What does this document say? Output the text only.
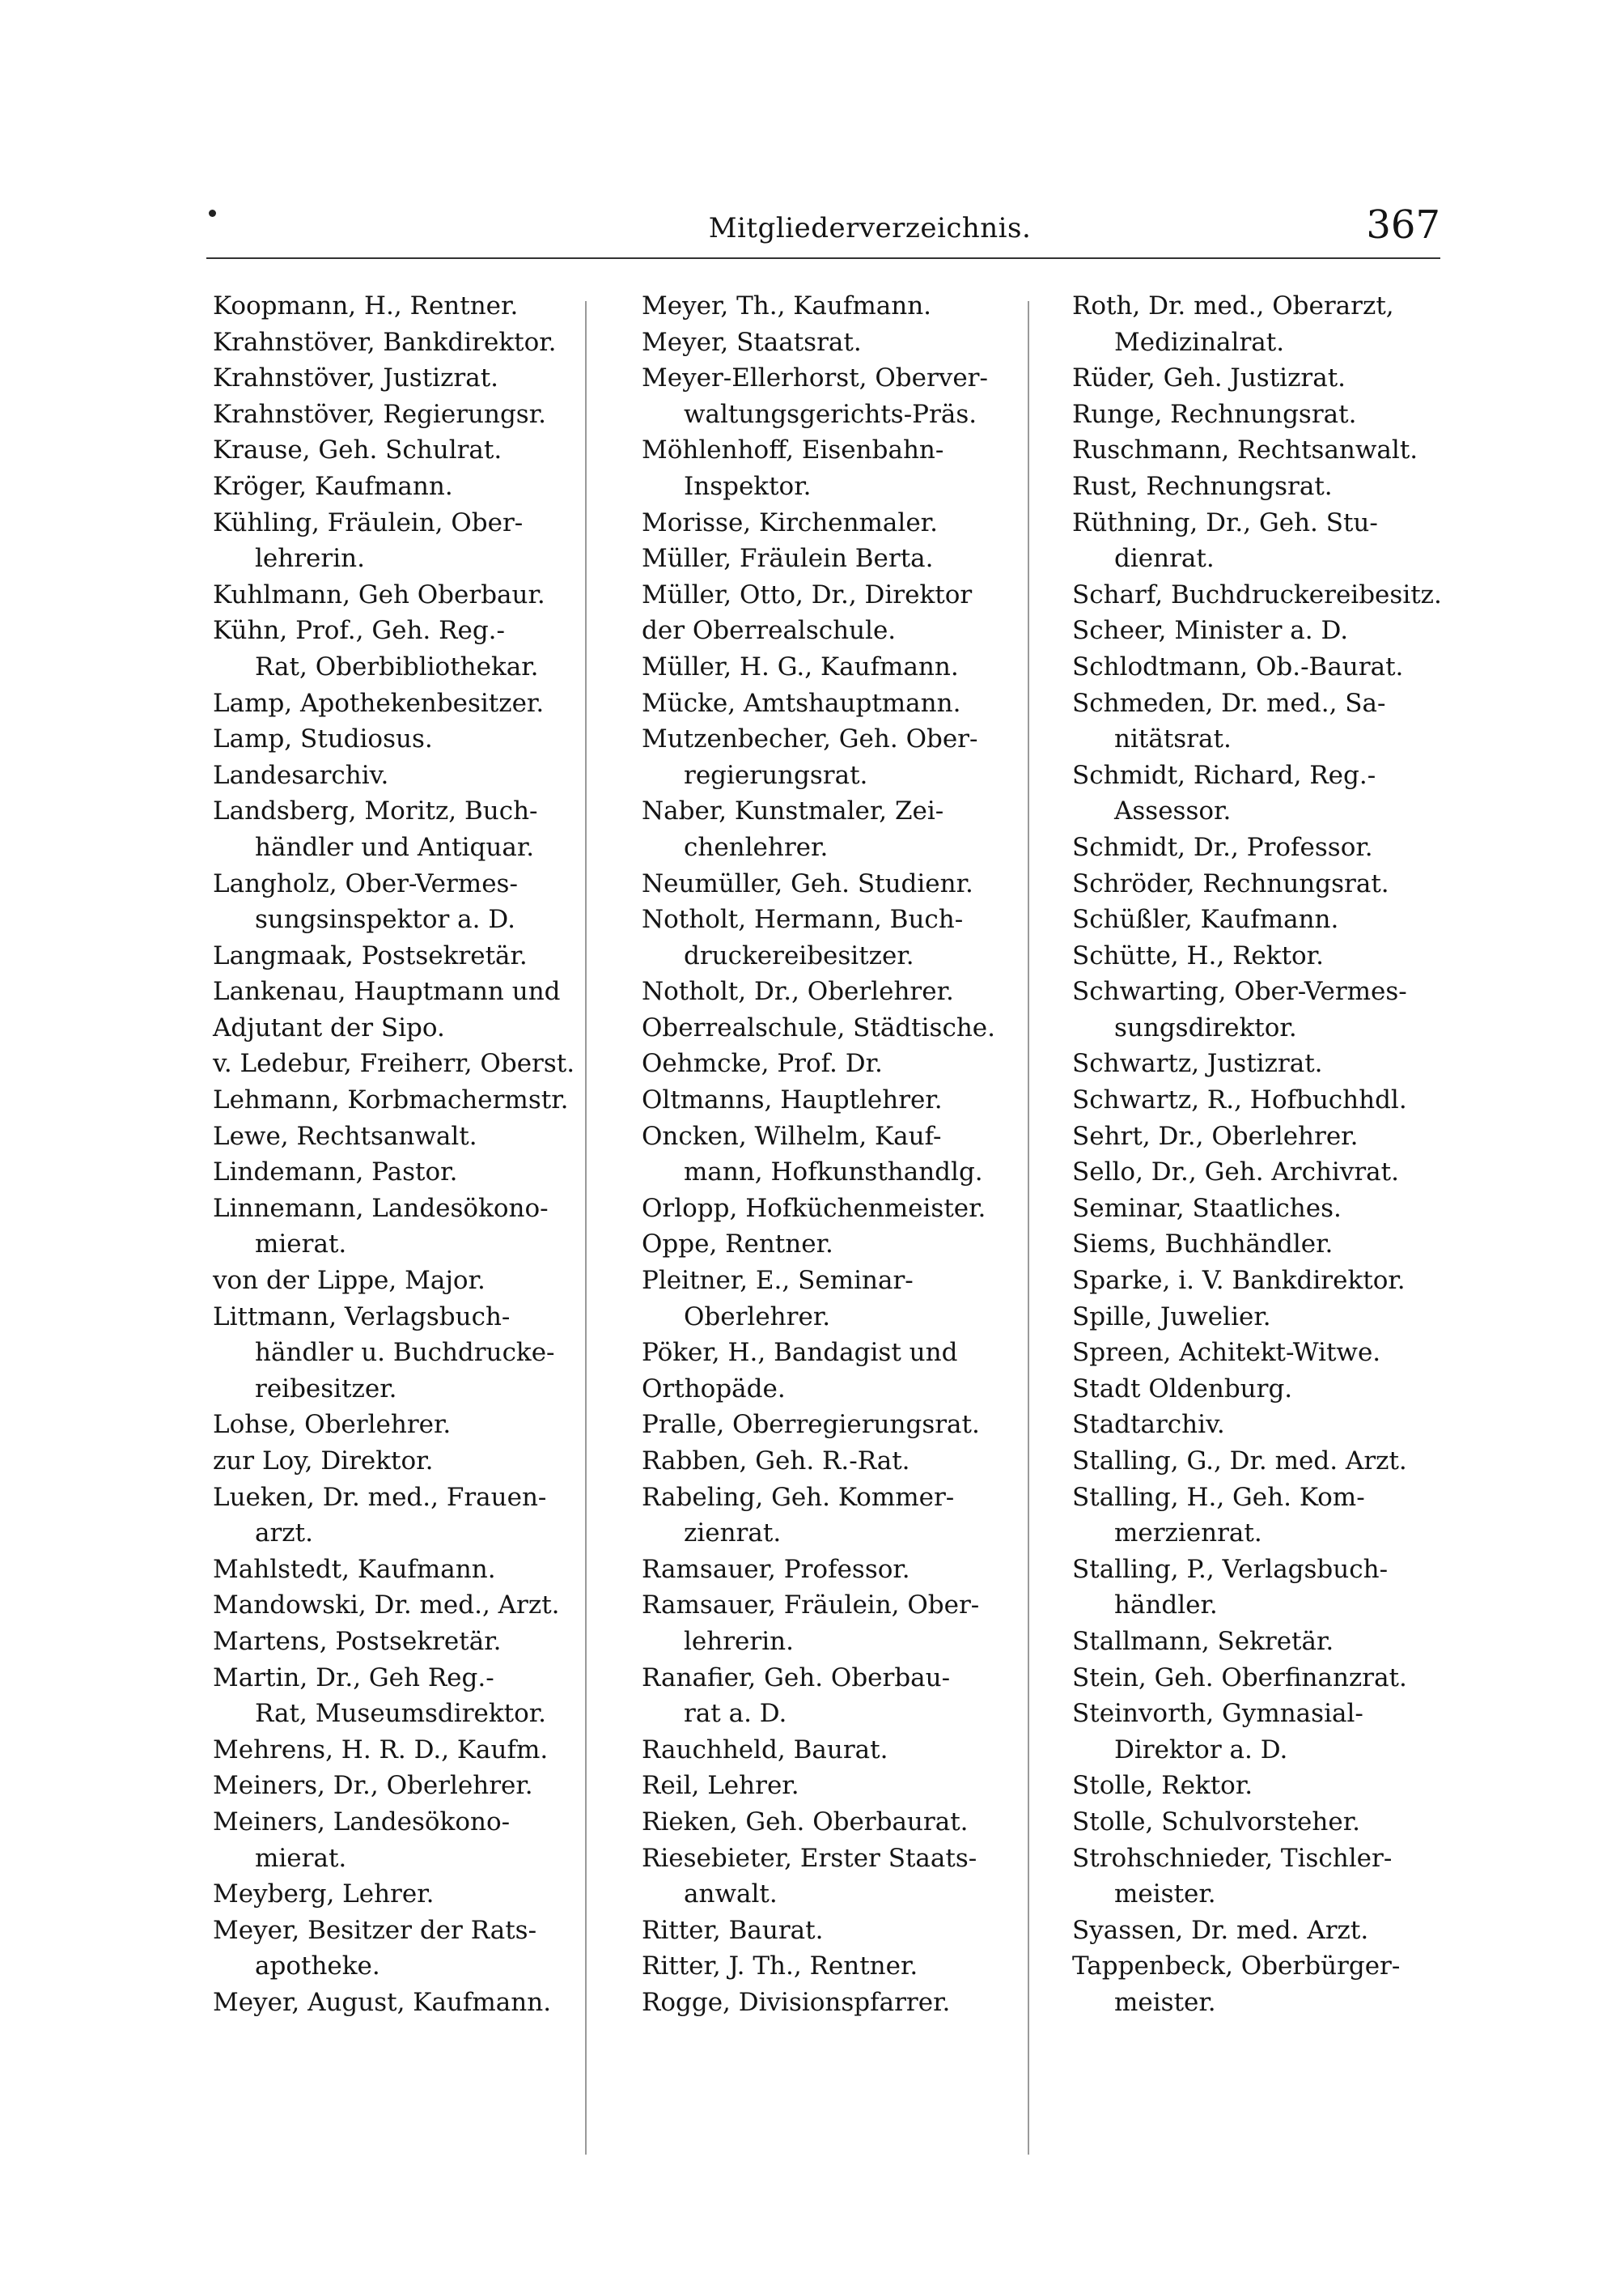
Mitgliederverzeichnis.	367
Koopmann, H., Rentner.
Krahnstöver, Bankdirektor.
Krahnstöver, Justizrat.
Krahnstöver, Regierungsr.
Krause, Geh. Schulrat.
Kröger, Kaufmann.
Kühling, Fräulein, Ober-
lehrerin.
Kuhlmann, Geh Oberbaur.
Kühn, Prof., Geh. Reg.-
Rat, Oberbibliothekar.
Lamp, Apothekenbesitzer.
Lamp, Studiosus.
Landesarchiv.
Landsberg, Moritz, Buch-
händler und Antiquar.
Langholz, Ober-Vermes-
sungsinspektor a. D.
Langmaak, Postsekretär.
Lankenau, Hauptmann und
Adjutant der Sipo.
v. Ledebur, Freiherr, Oberst.
Lehmann, Korbmachermstr.
Lewe, Rechtsanwalt.
Lindemann, Pastor.
Linnemann, Landesökono-
mierat.
von der Lippe, Major.
Littmann, Verlagsbuch-
händler u. Buchdrucke-
reibesitzer.
Lohse, Oberlehrer.
zur Loy, Direktor.
Lueken, Dr. med., Frauen-
arzt.
Mahlstedt, Kaufmann.
Mandowski, Dr. med., Arzt.
Martens, Postsekretär.
Martin, Dr., Geh Reg.-
Rat, Museumsdirektor.
Mehrens, H. R. D., Kaufm.
Meiners, Dr., Oberlehrer.
Meiners, Landesökono-
mierat.
Meyberg, Lehrer.
Meyer, Besitzer der Rats-
apotheke.
Meyer, August, Kaufmann.
Meyer, Th., Kaufmann.
Meyer, Staatsrat.
Meyer-Ellerhorst, Oberver-
waltungsgerichts-Präs.
Möhlenhoff, Eisenbahn-
Inspektor.
Morisse, Kirchenmaler.
Müller, Fräulein Berta.
Müller, Otto, Dr., Direktor
der Oberrealschule.
Müller, H. G., Kaufmann.
Mücke, Amtshauptmann.
Mutzenbecher, Geh. Ober-
regierungsrat.
Naber, Kunstmaler, Zei-
chenlehrer.
Neumüller, Geh. Studienr.
Notholt, Hermann, Buch-
druckereibesitzer.
Notholt, Dr., Oberlehrer.
Oberrealschule, Städtische.
Oehmcke, Prof. Dr.
Oltmanns, Hauptlehrer.
Oncken, Wilhelm, Kauf-
mann, Hofkunsthandlg.
Orlopp, Hofküchenmeister.
Oppe, Rentner.
Pleitner, E., Seminar-
Oberlehrer.
Pöker, H., Bandagist und
Orthopäde.
Pralle, Oberregierungsrat.
Rabben, Geh. R.-Rat.
Rabeling, Geh. Kommer-
zienrat.
Ramsauer, Professor.
Ramsauer, Fräulein, Ober-
lehrerin.
Ranafier, Geh. Oberbau-
rat a. D.
Rauchheld, Baurat.
Reil, Lehrer.
Rieken, Geh. Oberbaurat.
Riesebieter, Erster Staats-
anwalt.
Ritter, Baurat.
Ritter, J. Th., Rentner.
Rogge, Divisionspfarrer.
Roth, Dr. med., Oberarzt,
Medizinalrat.
Rüder, Geh. Justizrat.
Runge, Rechnungsrat.
Ruschmann, Rechtsanwalt.
Rust, Rechnungsrat.
Rüthning, Dr., Geh. Stu-
dienrat.
Scharf, Buchdruckereibesitz.
Scheer, Minister a. D.
Schlodtmann, Ob.-Baurat.
Schmeden, Dr. med., Sa-
nitätsrat.
Schmidt, Richard, Reg.-
Assessor.
Schmidt, Dr., Professor.
Schröder, Rechnungsrat.
Schüßler, Kaufmann.
Schütte, H., Rektor.
Schwarting, Ober-Vermes-
sungsdirektor.
Schwartz, Justizrat.
Schwartz, R., Hofbuchhdl.
Sehrt, Dr., Oberlehrer.
Sello, Dr., Geh. Archivrat.
Seminar, Staatliches.
Siems, Buchhändler.
Sparke, i. V. Bankdirektor.
Spille, Juwelier.
Spreen, Achitekt-Witwe.
Stadt Oldenburg.
Stadtarchiv.
Stalling, G., Dr. med. Arzt.
Stalling, H., Geh. Kom-
merzienrat.
Stalling, P., Verlagsbuch-
händler.
Stallmann, Sekretär.
Stein, Geh. Oberfinanzrat.
Steinvorth, Gymnasial-
Direktor a. D.
Stolle, Rektor.
Stolle, Schulvorsteher.
Strohschnieder, Tischler-
meister.
Syassen, Dr. med. Arzt.
Tappenbeck, Oberbürger-
meister.
